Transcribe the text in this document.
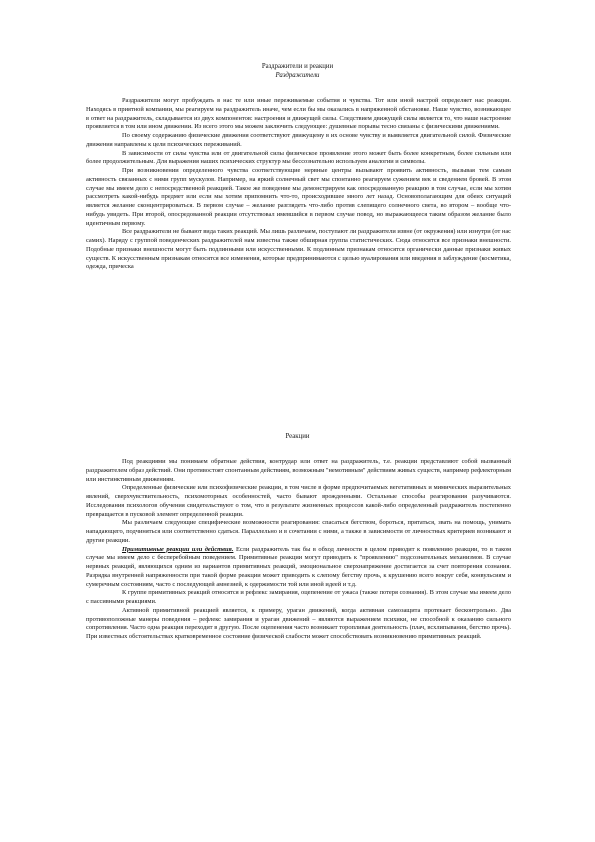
Раздражители и реакции
Раздражители

Раздражители могут пробуждать в нас те или иные переживаемые события и чувства. Тот или иной настрой определяет нас реакции. Находясь в приятной компании, мы реагируем на раздражитель иначе, чем если бы мы оказались в напряженной обстановке. Наше чувство, возникающее в ответ на раздражитель, складывается из двух компонентов: настроения и движущей силы. Следствием движущей силы является то, что наше настроение проявляется в том или ином движении. Из всего этого мы можем заключить следующее: душевные порывы тесно связаны с физическими движениями.

По своему содержанию физические движения соответствуют движущему в их основе чувству и выявляется двигательной силой. Физические движения направлены к цели психических переживаний.

В зависимости от силы чувства или от двигательной силы физическое проявление этого может быть более конкретным, более сильным или более продолжительным. Для выражения наших психических структур мы бессознательно используем аналогии и символы.

При возникновении определенного чувства соответствующие нервные центры вызывают проявить активность, вызывая тем самым активность связанных с ними групп мускулов. Например, на яркий солнечный свет мы спонтанно реагируем сужением век и сведением бровей. В этом случае мы имеем дело с непосредственной реакцией. Такое же поведение мы демонстрируем как опосредованную реакцию в том случае, если мы хотим рассмотреть какой-нибудь предмет или если мы хотим припомнить что-то, происходившее много лет назад. Основополагающим для обеих ситуаций является желание сконцентрироваться. В первом случае – желание разглядеть что-либо против слепящего солнечного света, во втором – вообще что-нибудь увидеть. При второй, опосредованной реакции отсутствовал имевшийся в первом случае повод, но выражающееся таким образом желание было идентичным первому.

Все раздражители не бывают вида таких реакций. Мы лишь различаем, поступают ли раздражители извне (от окружения) или изнутри (от нас самих). Наряду с группой поведенческих раздражителей нам известна также обширная группа статистических. Сюда относятся все признаки внешности. Подобные признаки внешности могут быть подлинными или искусственными. К подлинным признакам относятся органически данные признаки живых существ. К искусственным признакам относятся все изменения, которые предпринимаются с целью вуалирования или введения в заблуждение (косметика, одежда, прическа

Реакции

Под реакциями мы понимаем обратные действия, контрудар или ответ на раздражитель, т.е. реакции представляют собой вызванный раздражителем образ действий. Они противостоят спонтанным действиям, возможным "немотивным" действиям живых существ, например рефлекторным или инстинктивным движениям.

Определенные физические или психофизические реакции, в том числе в форме предпочитаемых вегетативных и мимических выразительных явлений, сверхчувствительность, психомоторных особенностей, часто бывают врожденными. Остальные способы реагирования разучиваются. Исследования психологов обучения свидетельствуют о том, что в результате жизненных процессов какой-либо определенный раздражитель постепенно превращается в пусковой элемент определенной реакции.

Мы различаем следующие специфические возможности реагирования: спасаться бегством, бороться, прятаться, звать на помощь, унимать нападающего, подчиняться или соответственно сдаться. Параллельно и в сочетании с ними, а также в зависимости от личностных критериев возникают и другие реакции.

Примитивные реакции или действия. Если раздражитель так бы в обход личности в целом приводит к появлению реакции, то в таком случае мы имеем дело с бесперебойным поведением. Примитивные реакции могут приводить к "проявлению" подсознательных механизмов. В случае нервных реакций, являющихся одним из вариантов примитивных реакций, эмоциональное сверхнапряжение достигается за счет повторения сознания. Разрядка внутренней напряженности при такой форме реакции может приводить к слепому бегству прочь, к крушению всего вокруг себя, конвульсиям и сумеречным состояниям, часто с последующей амнезией, к одержимости той или иной идеей и т.д.

К группе примитивных реакций относятся и рефлекс замирания, оцепенение от ужаса (также потеря сознания). В этом случае мы имеем дело с пассивными реакциями.

Активной примитивной реакцией является, к примеру, ураган движений, когда активная самозащита протекает бесконтрольно. Два противоположные манеры поведения – рефлекс замирания и ураган движений – являются выражением психики, не способной к оказанию сильного сопротивления. Часто одна реакция переходит в другую. После оцепенения часто возникает торопливая деятельность (плач, всхлипывания, бегство прочь). При известных обстоятельствах кратковременное состояние физической слабости может способствовать возникновению примитивных реакций.
